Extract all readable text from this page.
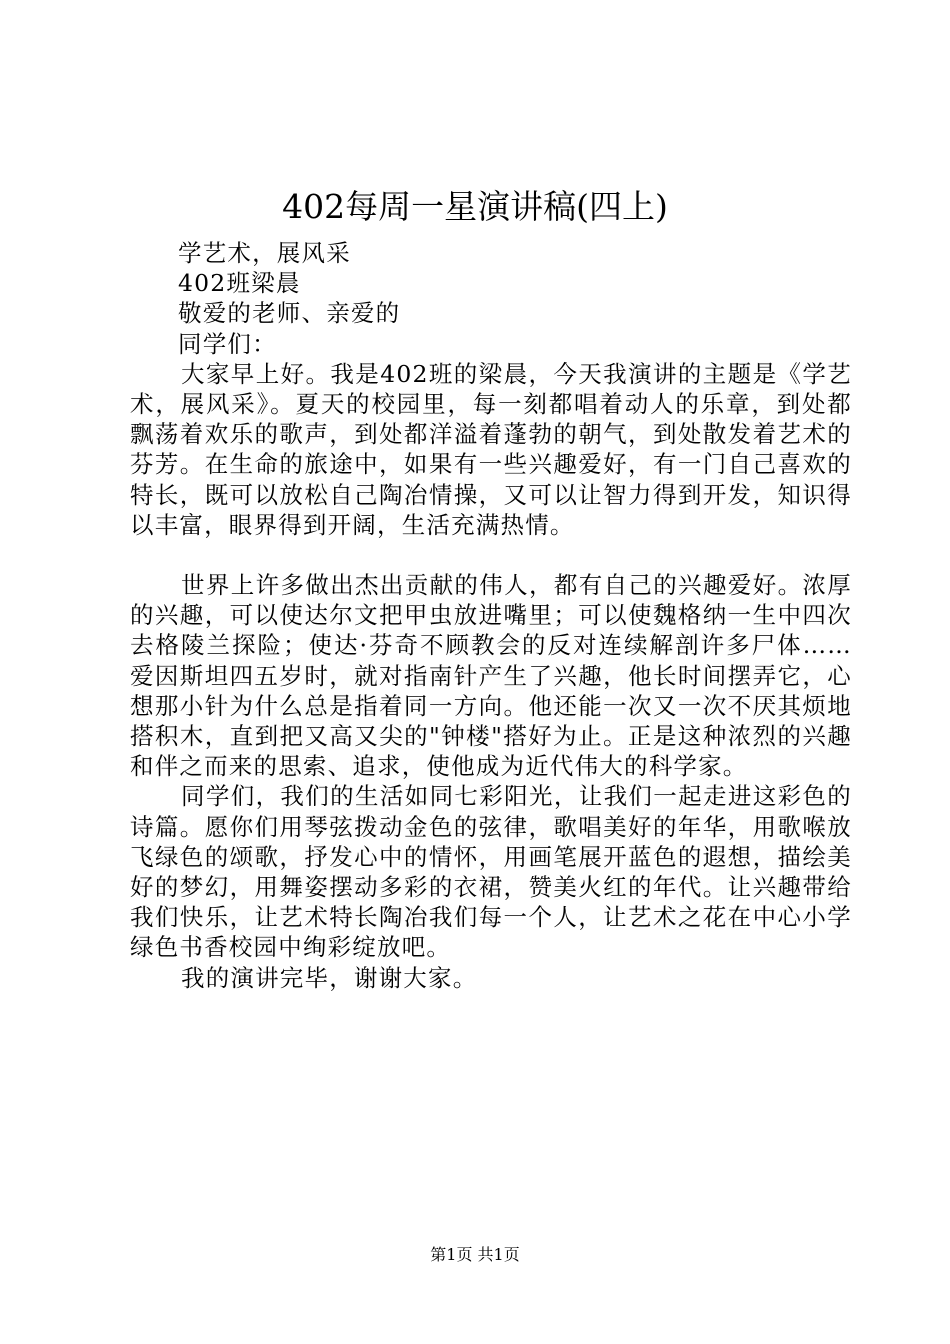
402每周一星演讲稿(四上)

学艺术，展风采

402班梁晨

敬爱的老师、亲爱的

同学们：

大家早上好。我是402班的梁晨，今天我演讲的主题是《学艺术，展风采》。夏天的校园里，每一刻都唱着动人的乐章，到处都飘荡着欢乐的歌声，到处都洋溢着蓬勃的朝气，到处散发着艺术的芬芳。在生命的旅途中，如果有一些兴趣爱好，有一门自己喜欢的特长，既可以放松自己陶冶情操，又可以让智力得到开发，知识得以丰富，眼界得到开阔，生活充满热情。

世界上许多做出杰出贡献的伟人，都有自己的兴趣爱好。浓厚的兴趣，可以使达尔文把甲虫放进嘴里；可以使魏格纳一生中四次去格陵兰探险；使达·芬奇不顾教会的反对连续解剖许多尸体……爱因斯坦四五岁时，就对指南针产生了兴趣，他长时间摆弄它，心想那小针为什么总是指着同一方向。他还能一次又一次不厌其烦地搭积木，直到把又高又尖的"钟楼"搭好为止。正是这种浓烈的兴趣和伴之而来的思索、追求，使他成为近代伟大的科学家。

同学们，我们的生活如同七彩阳光，让我们一起走进这彩色的诗篇。愿你们用琴弦拨动金色的弦律，歌唱美好的年华，用歌喉放飞绿色的颂歌，抒发心中的情怀，用画笔展开蓝色的遐想，描绘美好的梦幻，用舞姿摆动多彩的衣裙，赞美火红的年代。让兴趣带给我们快乐，让艺术特长陶冶我们每一个人，让艺术之花在中心小学绿色书香校园中绚彩绽放吧。

我的演讲完毕，谢谢大家。

第1页 共1页
